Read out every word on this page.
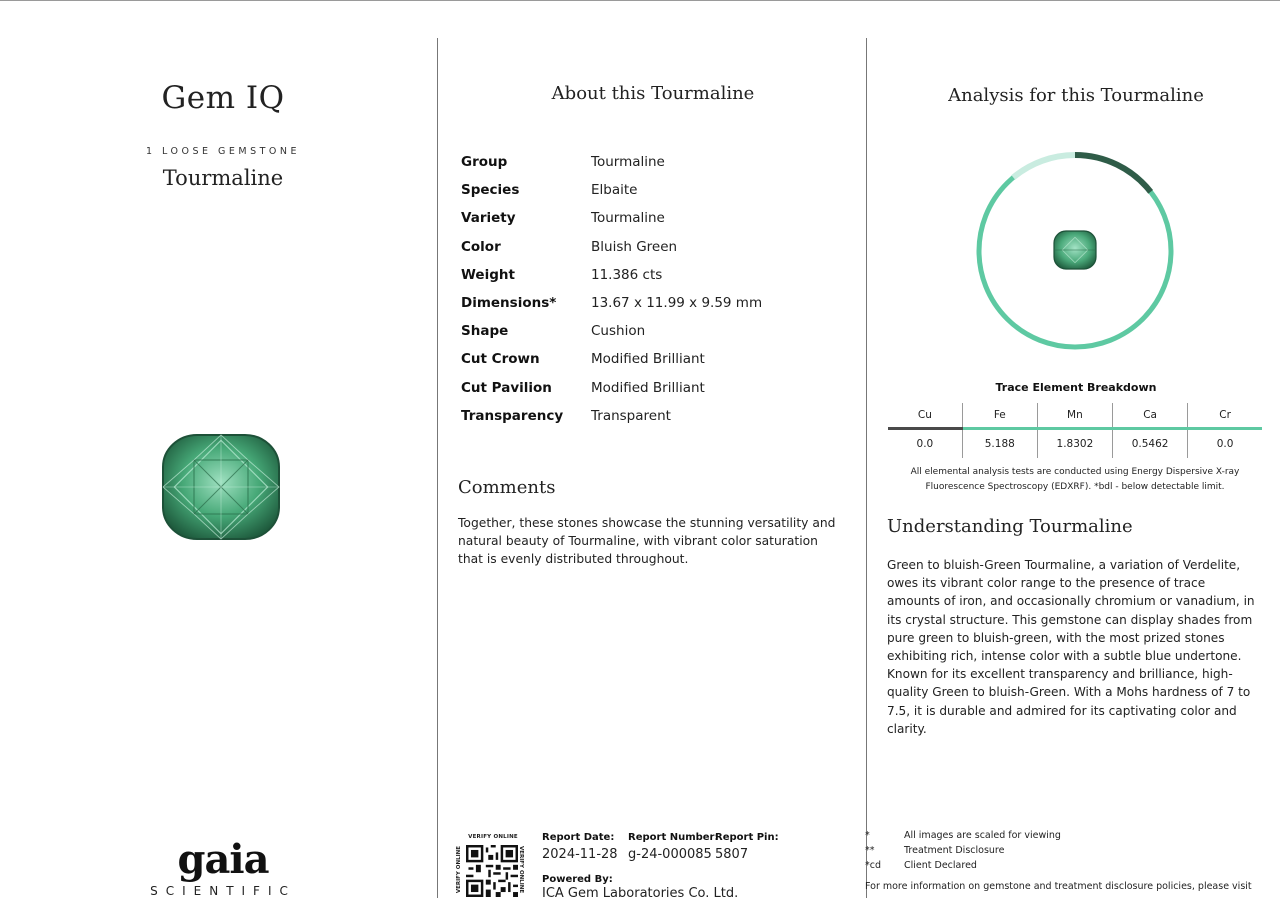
Gem IQ
1 LOOSE GEMSTONE
Tourmaline
gaia
SCIENTIFIC
About this Tourmaline
Group	Tourmaline
Species	Elbaite
Variety	Tourmaline
Color	Bluish Green
Weight	11.386 cts
Dimensions*	13.67 x 11.99 x 9.59 mm
Shape	Cushion
Cut Crown	Modified Brilliant
Cut Pavilion	Modified Brilliant
Transparency	Transparent
Comments
Together, these stones showcase the stunning versatility and natural beauty of Tourmaline, with vibrant color saturation that is evenly distributed throughout.
VERIFY ONLINE
VERIFY ONLINE	VERIFY ONLINE
Report Date:
2024-11-28
Report Number:
g-24-000085
Report Pin:
5807
Powered By:
ICA Gem Laboratories Co. Ltd.
Analysis for this Tourmaline
Trace Element Breakdown
Cu	Fe	Mn	Ca	Cr
0.0	5.188	1.8302	0.5462	0.0
All elemental analysis tests are conducted using Energy Dispersive X-ray
Fluorescence Spectroscopy (EDXRF). *bdl - below detectable limit.
Understanding Tourmaline
Green to bluish-Green Tourmaline, a variation of Verdelite, owes its vibrant color range to the presence of trace amounts of iron, and occasionally chromium or vanadium, in its crystal structure. This gemstone can display shades from pure green to bluish-green, with the most prized stones exhibiting rich, intense color with a subtle blue undertone. Known for its excellent transparency and brilliance, high-quality Green to bluish-Green. With a Mohs hardness of 7 to 7.5, it is durable and admired for its captivating color and clarity.
*	All images are scaled for viewing
**	Treatment Disclosure
*cd	Client Declared
For more information on gemstone and treatment disclosure policies, please visit
